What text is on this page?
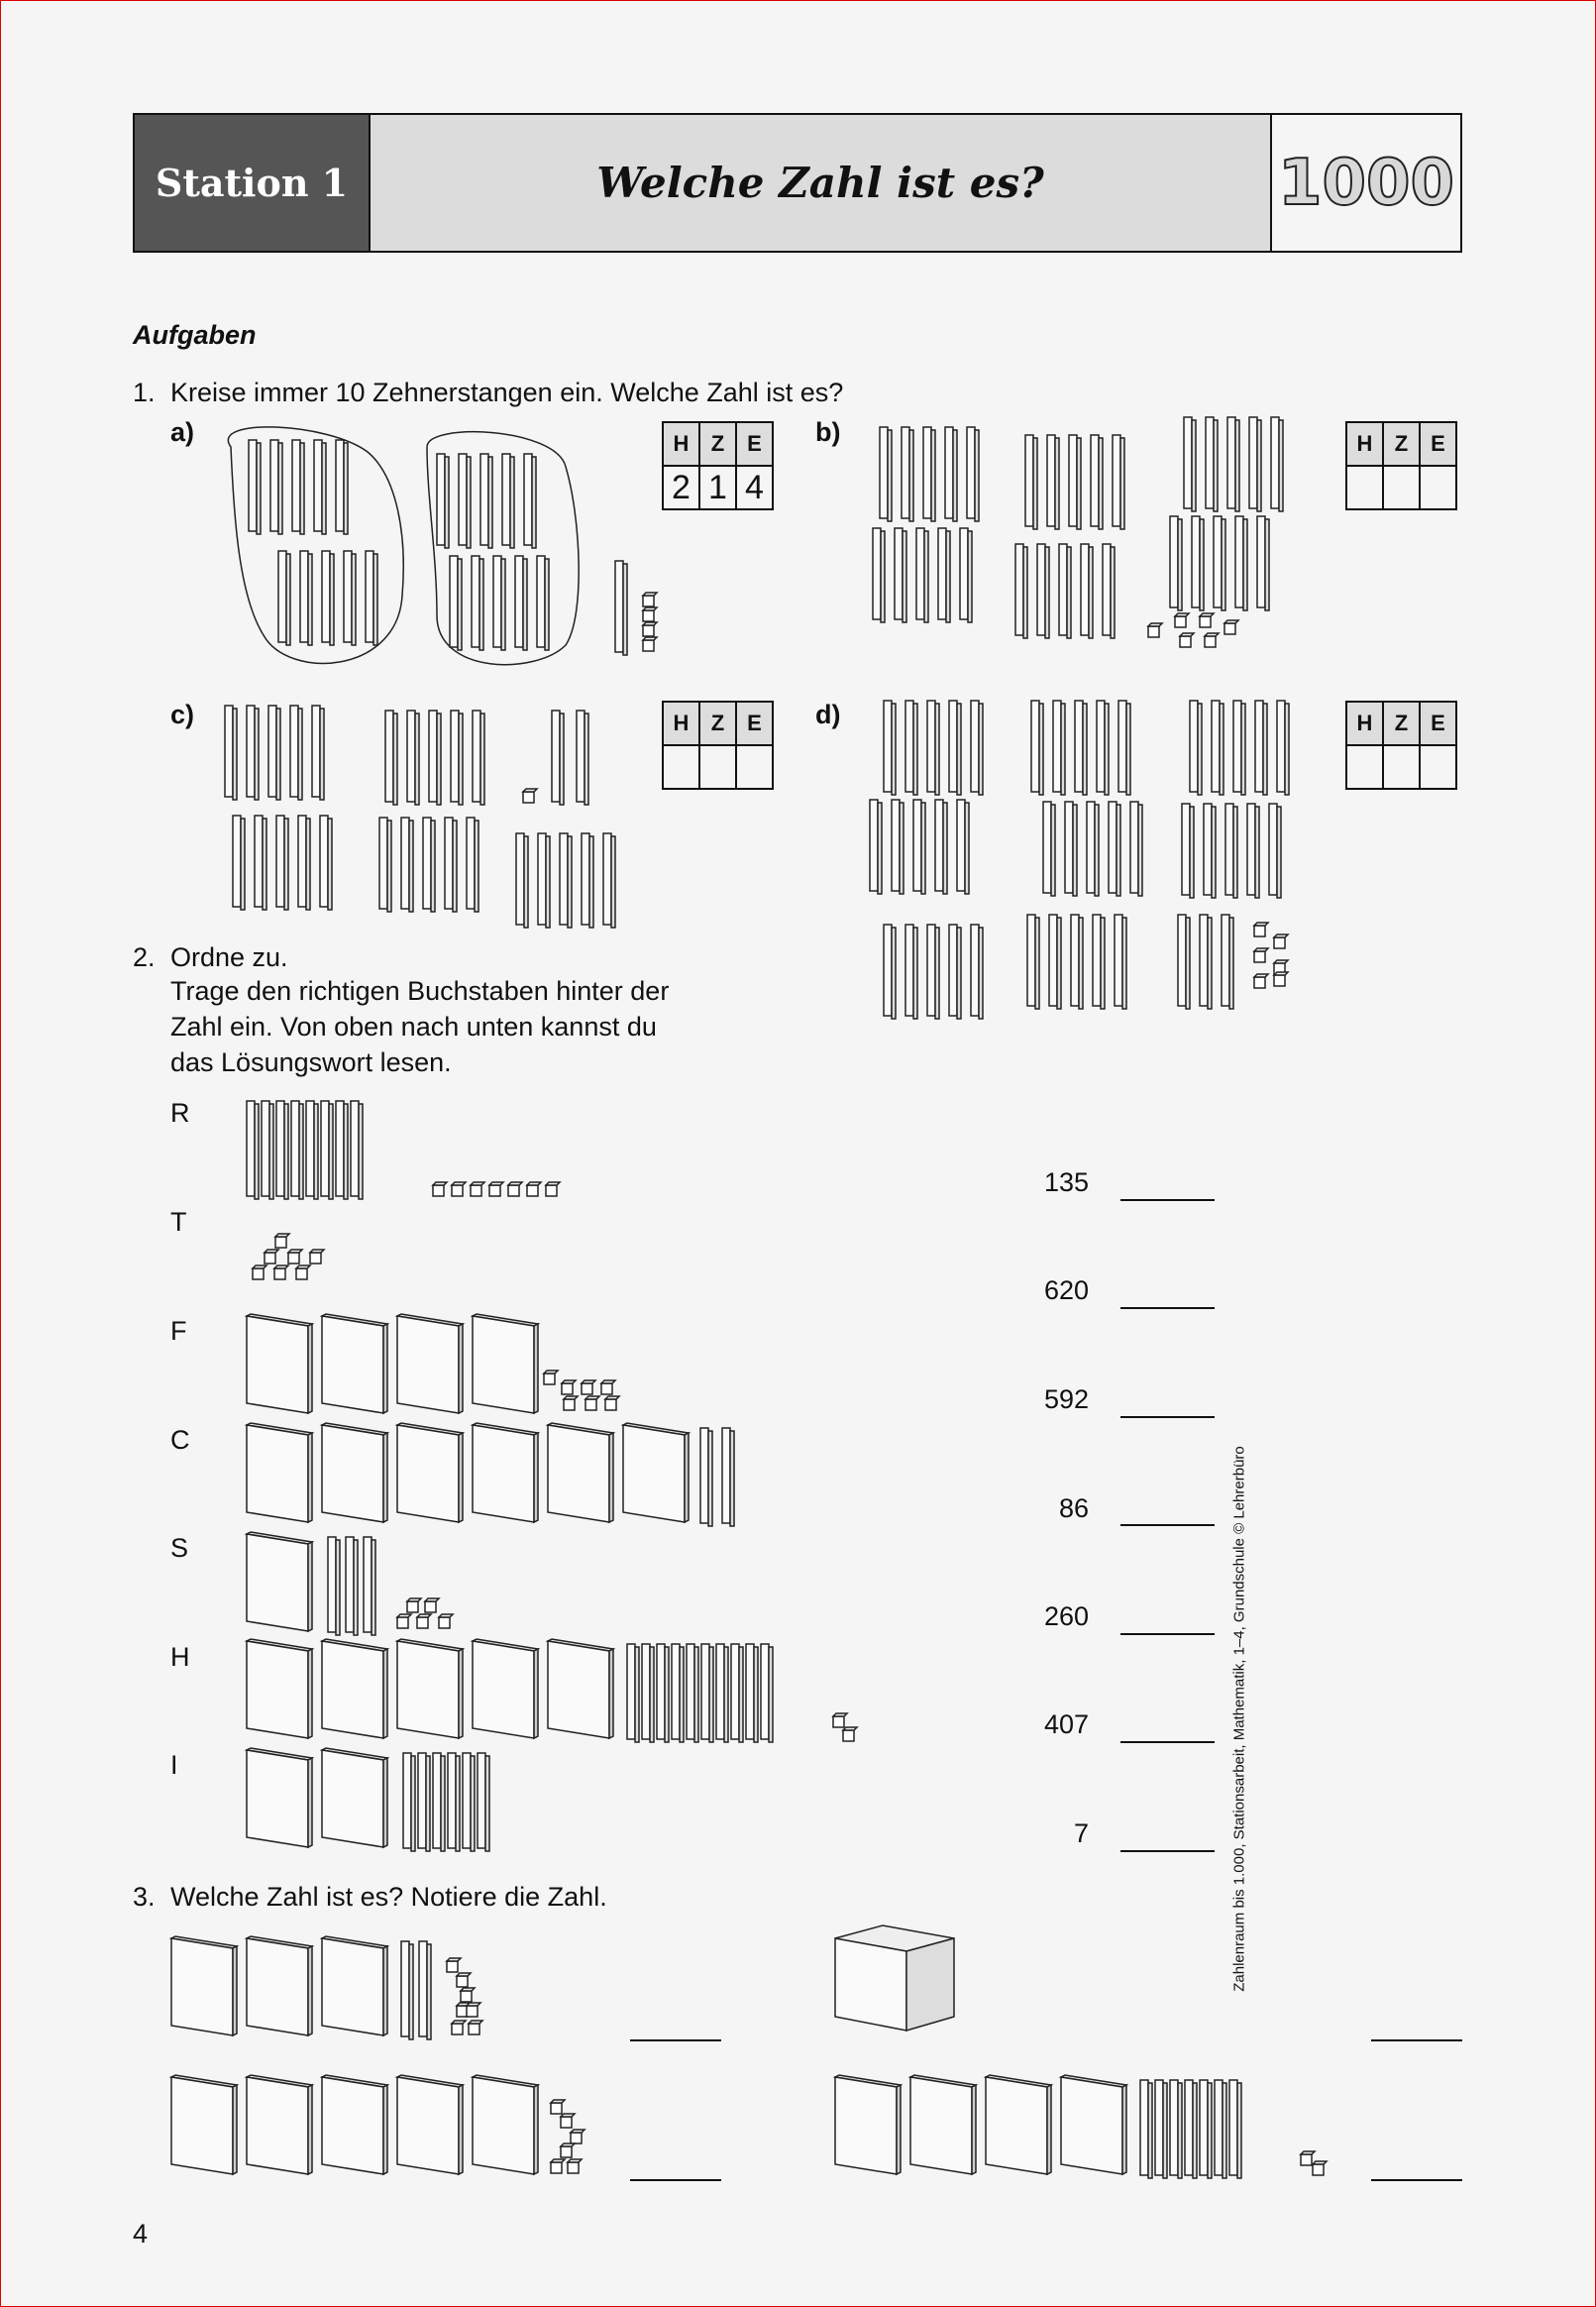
Station 1	Welche Zahl ist es?	1000
Aufgaben
1. Kreise immer 10 Zehnerstangen ein. Welche Zahl ist es?
a)	b)
c)	d)
H	Z	E
2	1	4
H	Z	E

H	Z	E
			H	Z	E

2. Ordne zu.
Trage den richtigen Buchstaben hinter der
Zahl ein. Von oben nach unten kannst du
das Lösungswort lesen.
R
T
F
C
S
H
I
135
620
592
86
260
407
7
3. Welche Zahl ist es? Notiere die Zahl.	Zahlenraum bis 1.000, Stationsarbeit, Mathematik, 1–4, Grundschule © Lehrerbüro
4
